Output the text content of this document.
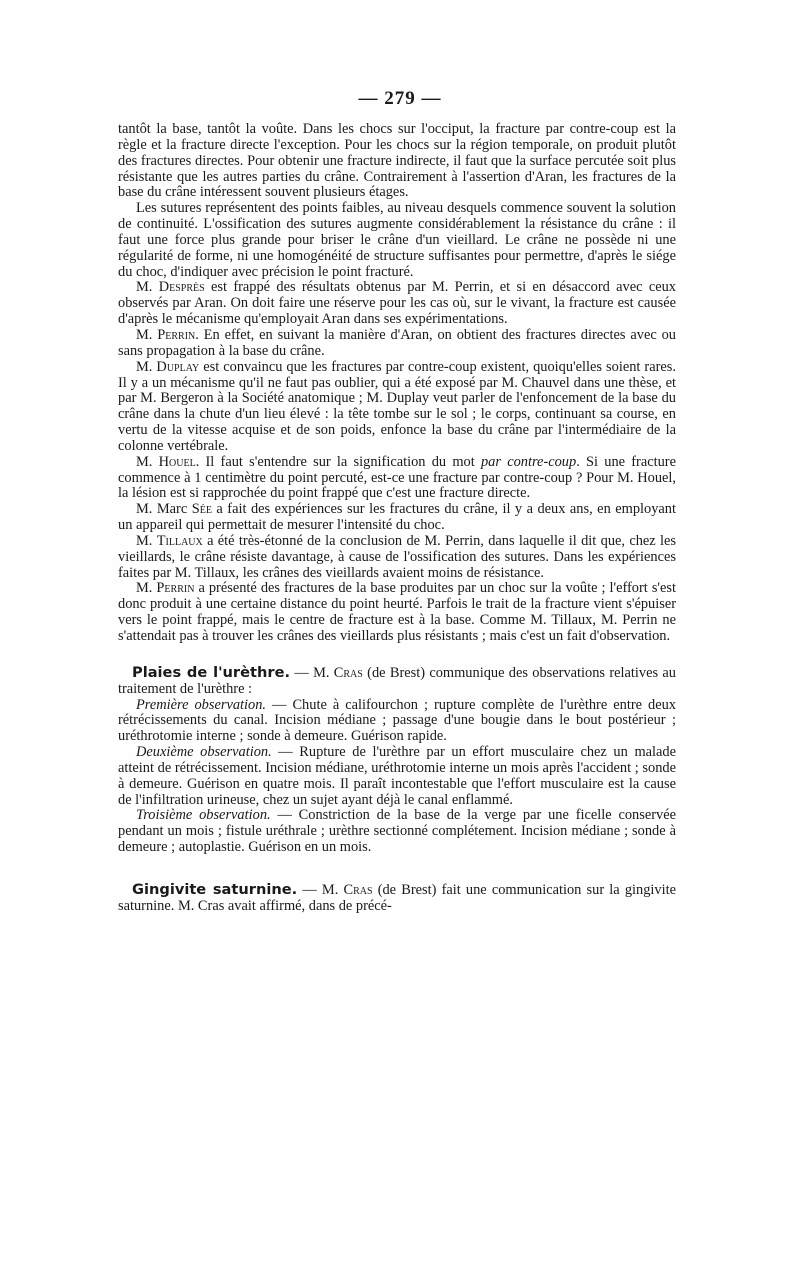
— 279 —

tantôt la base, tantôt la voûte. Dans les chocs sur l'occiput, la fracture par contre-coup est la règle et la fracture directe l'exception. Pour les chocs sur la région temporale, on produit plutôt des fractures directes. Pour obtenir une fracture indirecte, il faut que la surface percutée soit plus résistante que les autres parties du crâne. Contrairement à l'assertion d'Aran, les fractures de la base du crâne intéressent souvent plusieurs étages.

Les sutures représentent des points faibles, au niveau desquels commence souvent la solution de continuité. L'ossification des sutures augmente considérablement la résistance du crâne : il faut une force plus grande pour briser le crâne d'un vieillard. Le crâne ne possède ni une régularité de forme, ni une homogénéité de structure suffisantes pour permettre, d'après le siége du choc, d'indiquer avec précision le point fracturé.

M. Desprès est frappé des résultats obtenus par M. Perrin, et si en désaccord avec ceux observés par Aran. On doit faire une réserve pour les cas où, sur le vivant, la fracture est causée d'après le mécanisme qu'employait Aran dans ses expérimentations.

M. Perrin. En effet, en suivant la manière d'Aran, on obtient des fractures directes avec ou sans propagation à la base du crâne.

M. Duplay est convaincu que les fractures par contre-coup existent, quoiqu'elles soient rares. Il y a un mécanisme qu'il ne faut pas oublier, qui a été exposé par M. Chauvel dans une thèse, et par M. Bergeron à la Société anatomique ; M. Duplay veut parler de l'enfoncement de la base du crâne dans la chute d'un lieu élevé : la tête tombe sur le sol ; le corps, continuant sa course, en vertu de la vitesse acquise et de son poids, enfonce la base du crâne par l'intermédiaire de la colonne vertébrale.

M. Houel. Il faut s'entendre sur la signification du mot par contre-coup. Si une fracture commence à 1 centimètre du point percuté, est-ce une fracture par contre-coup ? Pour M. Houel, la lésion est si rapprochée du point frappé que c'est une fracture directe.

M. Marc Sée a fait des expériences sur les fractures du crâne, il y a deux ans, en employant un appareil qui permettait de mesurer l'intensité du choc.

M. Tillaux a été très-étonné de la conclusion de M. Perrin, dans laquelle il dit que, chez les vieillards, le crâne résiste davantage, à cause de l'ossification des sutures. Dans les expériences faites par M. Tillaux, les crânes des vieillards avaient moins de résistance.

M. Perrin a présenté des fractures de la base produites par un choc sur la voûte ; l'effort s'est donc produit à une certaine distance du point heurté. Parfois le trait de la fracture vient s'épuiser vers le point frappé, mais le centre de fracture est à la base. Comme M. Tillaux, M. Perrin ne s'attendait pas à trouver les crânes des vieillards plus résistants ; mais c'est un fait d'observation.

Plaies de l'urèthre. — M. Cras (de Brest) communique des observations relatives au traitement de l'urèthre :

Première observation. — Chute à califourchon ; rupture complète de l'urèthre entre deux rétrécissements du canal. Incision médiane ; passage d'une bougie dans le bout postérieur ; uréthrotomie interne ; sonde à demeure. Guérison rapide.

Deuxième observation. — Rupture de l'urèthre par un effort musculaire chez un malade atteint de rétrécissement. Incision médiane, uréthrotomie interne un mois après l'accident ; sonde à demeure. Guérison en quatre mois. Il paraît incontestable que l'effort musculaire est la cause de l'infiltration urineuse, chez un sujet ayant déjà le canal enflammé.

Troisième observation. — Constriction de la base de la verge par une ficelle conservée pendant un mois ; fistule uréthrale ; urèthre sectionné complétement. Incision médiane ; sonde à demeure ; autoplastie. Guérison en un mois.

Gingivite saturnine. — M. Cras (de Brest) fait une communication sur la gingivite saturnine. M. Cras avait affirmé, dans de précé-
